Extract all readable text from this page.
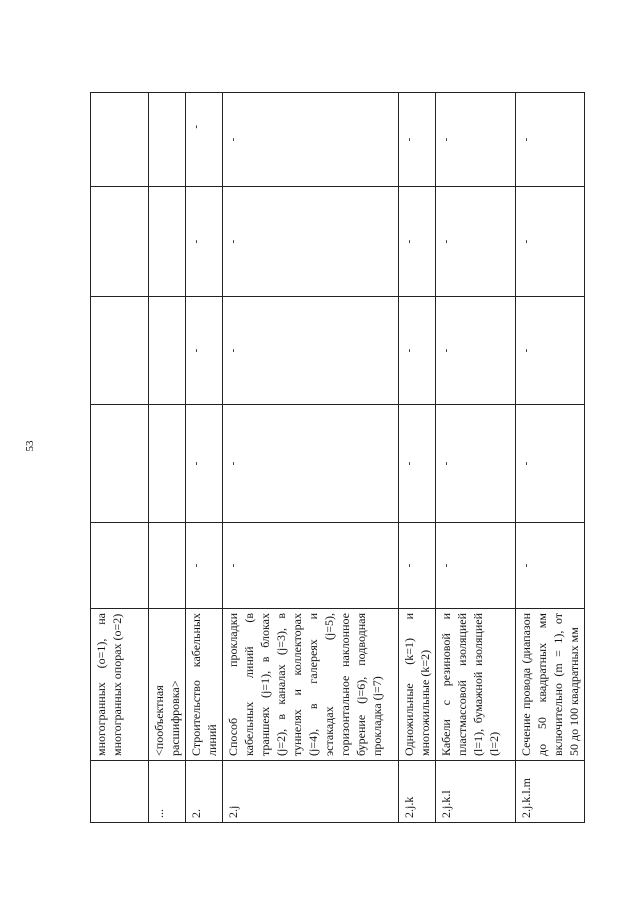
53
	многогранных (o=1), на многогранных опорах (o=2)	

...	<пообъектная расшифровка>	

2.	Строительство кабельных линий	-	-	-	-	-

2.j	Способ прокладки кабельных линий (в траншеях (j=1), в блоках (j=2), в каналах (j=3), в туннелях и коллекторах (j=4), в галереях и эстакадах (j=5), горизонтальное наклонное бурение (j=6), подводная прокладка (j=7)	-	-	-	-	-

2.j.k	Одножильные (k=1) и многожильные (k=2)	-	-	-	-	-

2.j.k.l	Кабели с резиновой и пластмассовой изоляцией (l=1), бумажной изоляцией (l=2)	-	-	-	-	-

2.j.k.l.m	Сечение провода (диапазон до 50 квадратных мм включительно (m = 1), от 50 до 100 квадратных мм	-	-	-	-	-
